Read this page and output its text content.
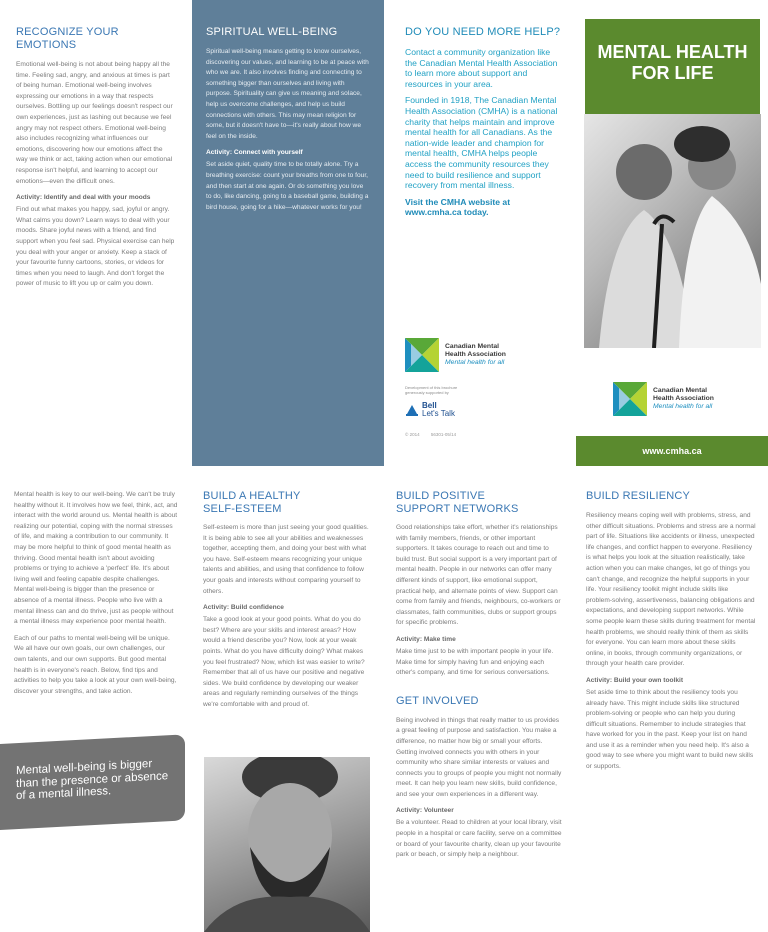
RECOGNIZE YOUR EMOTIONS

Emotional well-being is not about being happy all the time. Feeling sad, angry, and anxious at times is part of being human. Emotional well-being involves expressing our emotions in a way that respects ourselves. Bottling up our feelings doesn't respect our own experiences, just as lashing out because we feel angry may not respect others. Emotional well-being also includes recognizing what influences our emotions, discovering how our emotions affect the way we think or act, taking action when our emotional response isn't helpful, and learning to accept our emotions—even the difficult ones.

Activity: Identify and deal with your moods

Find out what makes you happy, sad, joyful or angry. What calms you down? Learn ways to deal with your moods. Share joyful news with a friend, and find support when you feel sad. Physical exercise can help you deal with your anger or anxiety. Keep a stack of your favourite funny cartoons, stories, or videos for times when you need to laugh. And don't forget the power of music to lift you up or calm you down.

SPIRITUAL WELL-BEING

Spiritual well-being means getting to know ourselves, discovering our values, and learning to be at peace with who we are. It also involves finding and connecting to something bigger than ourselves and living with purpose. Spirituality can give us meaning and solace, help us overcome challenges, and help us build connections with others. This may mean religion for some, but it doesn't have to—it's really about how we feel on the inside.

Activity: Connect with yourself

Set aside quiet, quality time to be totally alone. Try a breathing exercise: count your breaths from one to four, and then start at one again. Or do something you love to do, like dancing, going to a baseball game, building a bird house, going for a hike—whatever works for you!

DO YOU NEED MORE HELP?

Contact a community organization like the Canadian Mental Health Association to learn more about support and resources in your area.

Founded in 1918, The Canadian Mental Health Association (CMHA) is a national charity that helps maintain and improve mental health for all Canadians. As the nation-wide leader and champion for mental health, CMHA helps people access the community resources they need to build resilience and support recovery from mental illness.

Visit the CMHA website at www.cmha.ca today.

Canadian Mental
Health Association
Mental health for all
Development of this brochure generously supported by
Bell
Let's Talk
© 2014	56301-05/14
MENTAL HEALTH
FOR LIFE
Canadian Mental
Health Association
Mental health for all
www.cmha.ca

Mental health is key to our well-being. We can't be truly healthy without it. It involves how we feel, think, act, and interact with the world around us. Mental health is about realizing our potential, coping with the normal stresses of life, and making a contribution to our community. It may be more helpful to think of good mental health as thriving. Good mental health isn't about avoiding problems or trying to achieve a 'perfect' life. It's about living well and feeling capable despite challenges. Mental well-being is bigger than the presence or absence of a mental illness. People who live with a mental illness can and do thrive, just as people without a mental illness may experience poor mental health.

Each of our paths to mental well-being will be unique. We all have our own goals, our own challenges, our own talents, and our own supports. But good mental health is in everyone's reach. Below, find tips and activities to help you take a look at your own well-being, discover your strengths, and take action.

Mental well-being is bigger than the presence or absence of a mental illness.
BUILD A HEALTHY
SELF-ESTEEM

Self-esteem is more than just seeing your good qualities. It is being able to see all your abilities and weaknesses together, accepting them, and doing your best with what you have. Self-esteem means recognizing your unique talents and abilities, and using that confidence to follow your goals and interests without comparing yourself to others.

Activity: Build confidence

Take a good look at your good points. What do you do best? Where are your skills and interest areas? How would a friend describe you? Now, look at your weak points. What do you have difficulty doing? What makes you feel frustrated? Now, which list was easier to write? Remember that all of us have our positive and negative sides. We build confidence by developing our weaker areas and regularly reminding ourselves of the things we're comfortable with and proud of.

BUILD POSITIVE
SUPPORT NETWORKS

Good relationships take effort, whether it's relationships with family members, friends, or other important supporters. It takes courage to reach out and time to build trust. But social support is a very important part of mental health. People in our networks can offer many different kinds of support, like emotional support, practical help, and alternate points of view. Support can come from family and friends, neighbours, co-workers or classmates, faith communities, clubs or support groups for specific problems.

Activity: Make time

Make time just to be with important people in your life. Make time for simply having fun and enjoying each other's company, and time for serious conversations.

GET INVOLVED

Being involved in things that really matter to us provides a great feeling of purpose and satisfaction. You make a difference, no matter how big or small your efforts. Getting involved connects you with others in your community who share similar interests or values and connects you to groups of people you might not normally meet. It can help you learn new skills, build confidence, and see your own experiences in a different way.

Activity: Volunteer

Be a volunteer. Read to children at your local library, visit people in a hospital or care facility, serve on a committee or board of your favourite charity, clean up your favourite park or beach, or simply help a neighbour.

BUILD RESILIENCY

Resiliency means coping well with problems, stress, and other difficult situations. Problems and stress are a normal part of life. Situations like accidents or illness, unexpected life changes, and conflict happen to everyone. Resiliency is what helps you look at the situation realistically, take action when you can make changes, let go of things you can't change, and recognize the helpful supports in your life. Your resiliency toolkit might include skills like problem-solving, assertiveness, balancing obligations and expectations, and developing support networks. While some people learn these skills during treatment for mental health problems, we should really think of them as skills for everyone. You can learn more about these skills online, in books, through community organizations, or through your health care provider.

Activity: Build your own toolkit

Set aside time to think about the resiliency tools you already have. This might include skills like structured problem-solving or people who can help you during difficult situations. Remember to include strategies that have worked for you in the past. Keep your list on hand and use it as a reminder when you need help. It's also a good way to see where you might want to build new skills or supports.
